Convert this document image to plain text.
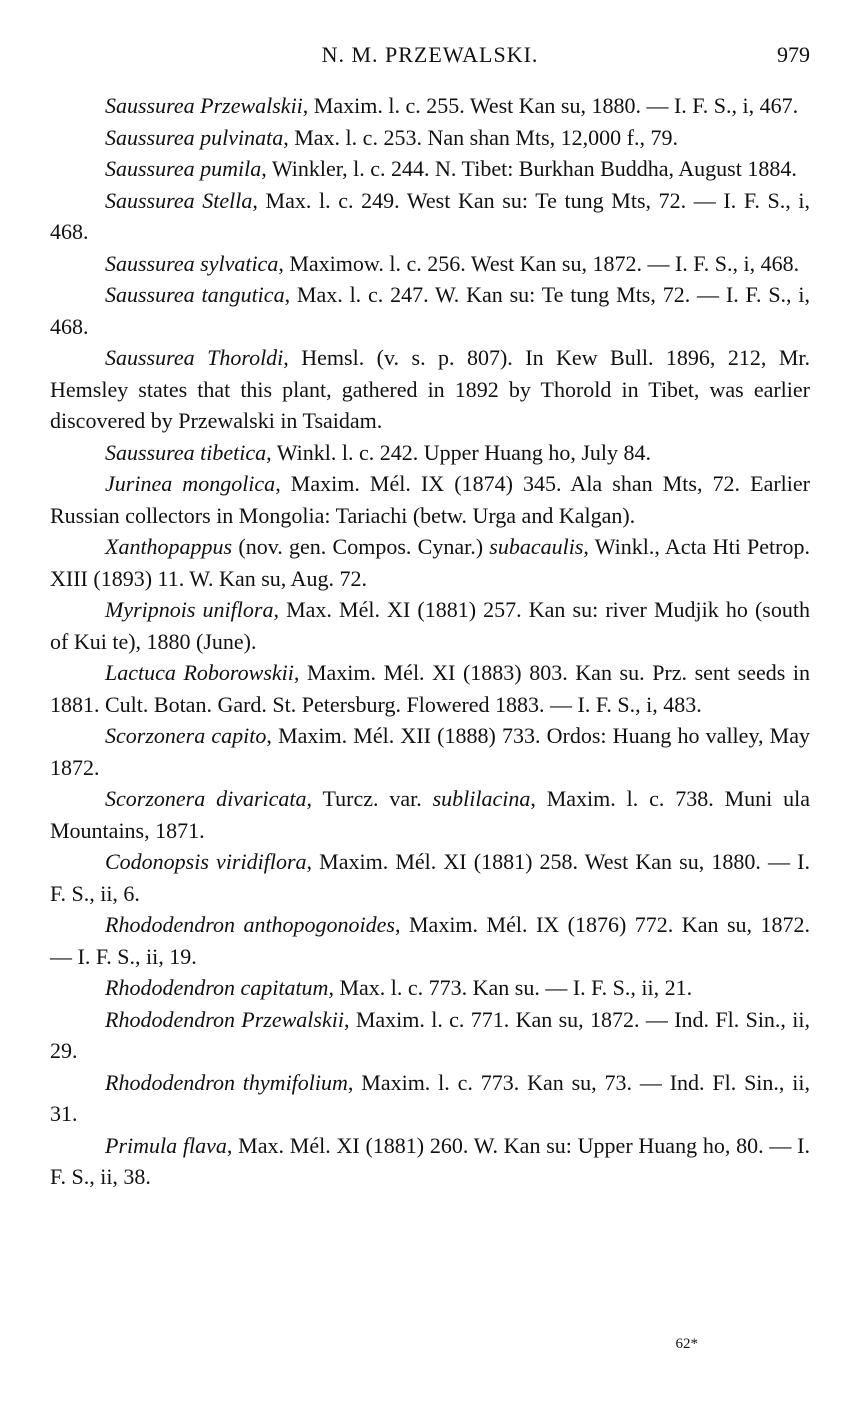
N. M. PRZEWALSKI.	979

Saussurea Przewalskii, Maxim. l. c. 255. West Kan su, 1880. — I. F. S., i, 467.

Saussurea pulvinata, Max. l. c. 253. Nan shan Mts, 12,000 f., 79.

Saussurea pumila, Winkler, l. c. 244. N. Tibet: Burkhan Buddha, August 1884.

Saussurea Stella, Max. l. c. 249. West Kan su: Te tung Mts, 72. — I. F. S., i, 468.

Saussurea sylvatica, Maximow. l. c. 256. West Kan su, 1872. — I. F. S., i, 468.

Saussurea tangutica, Max. l. c. 247. W. Kan su: Te tung Mts, 72. — I. F. S., i, 468.

Saussurea Thoroldi, Hemsl. (v. s. p. 807). In Kew Bull. 1896, 212, Mr. Hemsley states that this plant, gathered in 1892 by Thorold in Tibet, was earlier discovered by Przewalski in Tsaidam.

Saussurea tibetica, Winkl. l. c. 242. Upper Huang ho, July 84.

Jurinea mongolica, Maxim. Mél. IX (1874) 345. Ala shan Mts, 72. Earlier Russian collectors in Mongolia: Tariachi (betw. Urga and Kalgan).

Xanthopappus (nov. gen. Compos. Cynar.) subacaulis, Winkl., Acta Hti Petrop. XIII (1893) 11. W. Kan su, Aug. 72.

Myripnois uniflora, Max. Mél. XI (1881) 257. Kan su: river Mudjik ho (south of Kui te), 1880 (June).

Lactuca Roborowskii, Maxim. Mél. XI (1883) 803. Kan su. Prz. sent seeds in 1881. Cult. Botan. Gard. St. Petersburg. Flowered 1883. — I. F. S., i, 483.

Scorzonera capito, Maxim. Mél. XII (1888) 733. Ordos: Huang ho valley, May 1872.

Scorzonera divaricata, Turcz. var. sublilacina, Maxim. l. c. 738. Muni ula Mountains, 1871.

Codonopsis viridiflora, Maxim. Mél. XI (1881) 258. West Kan su, 1880. — I. F. S., ii, 6.

Rhododendron anthopogonoides, Maxim. Mél. IX (1876) 772. Kan su, 1872. — I. F. S., ii, 19.

Rhododendron capitatum, Max. l. c. 773. Kan su. — I. F. S., ii, 21.

Rhododendron Przewalskii, Maxim. l. c. 771. Kan su, 1872. — Ind. Fl. Sin., ii, 29.

Rhododendron thymifolium, Maxim. l. c. 773. Kan su, 73. — Ind. Fl. Sin., ii, 31.

Primula flava, Max. Mél. XI (1881) 260. W. Kan su: Upper Huang ho, 80. — I. F. S., ii, 38.

62*
